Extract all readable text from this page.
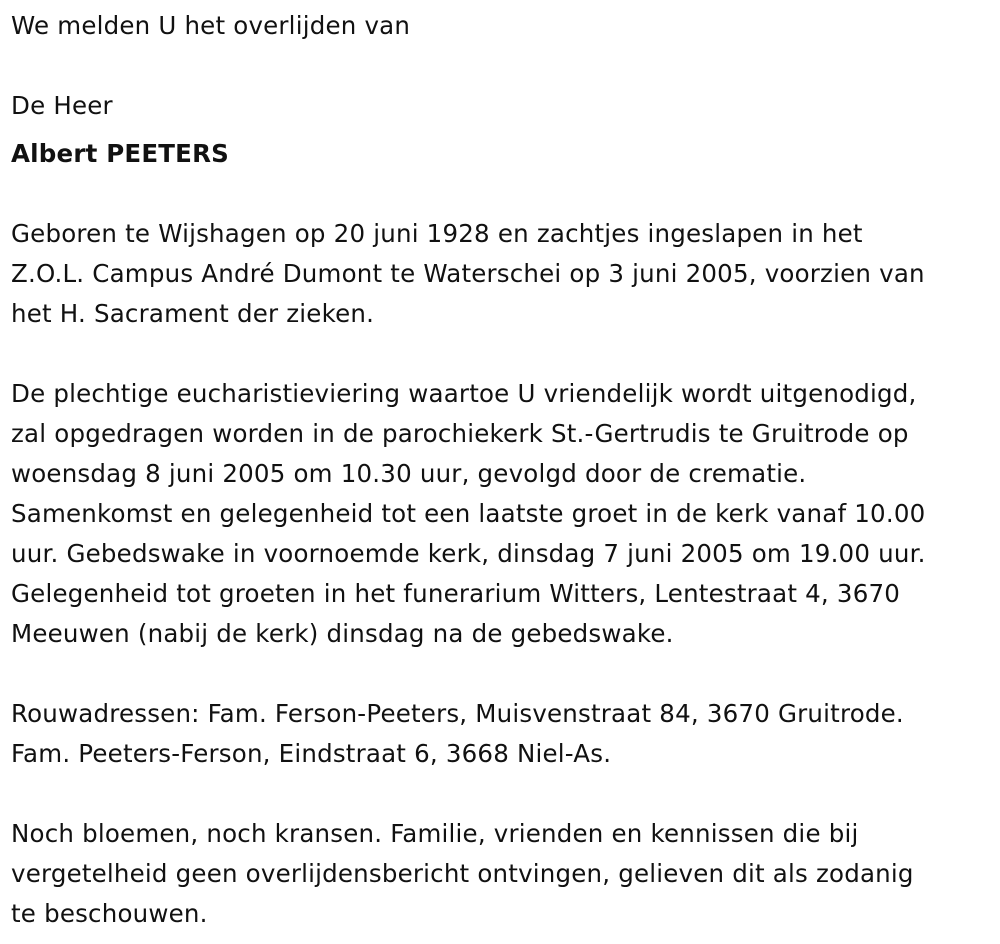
We melden U het overlijden van
De Heer
Albert PEETERS
Geboren te Wijshagen op 20 juni 1928 en zachtjes ingeslapen in het
Z.O.L. Campus André Dumont te Waterschei op 3 juni 2005, voorzien van
het H. Sacrament der zieken.
De plechtige eucharistieviering waartoe U vriendelijk wordt uitgenodigd,
zal opgedragen worden in de parochiekerk St.-Gertrudis te Gruitrode op
woensdag 8 juni 2005 om 10.30 uur, gevolgd door de crematie.
Samenkomst en gelegenheid tot een laatste groet in de kerk vanaf 10.00
uur. Gebedswake in voornoemde kerk, dinsdag 7 juni 2005 om 19.00 uur.
Gelegenheid tot groeten in het funerarium Witters, Lentestraat 4, 3670
Meeuwen (nabij de kerk) dinsdag na de gebedswake.
Rouwadressen: Fam. Ferson-Peeters, Muisvenstraat 84, 3670 Gruitrode.
Fam. Peeters-Ferson, Eindstraat 6, 3668 Niel-As.
Noch bloemen, noch kransen. Familie, vrienden en kennissen die bij
vergetelheid geen overlijdensbericht ontvingen, gelieven dit als zodanig
te beschouwen.
